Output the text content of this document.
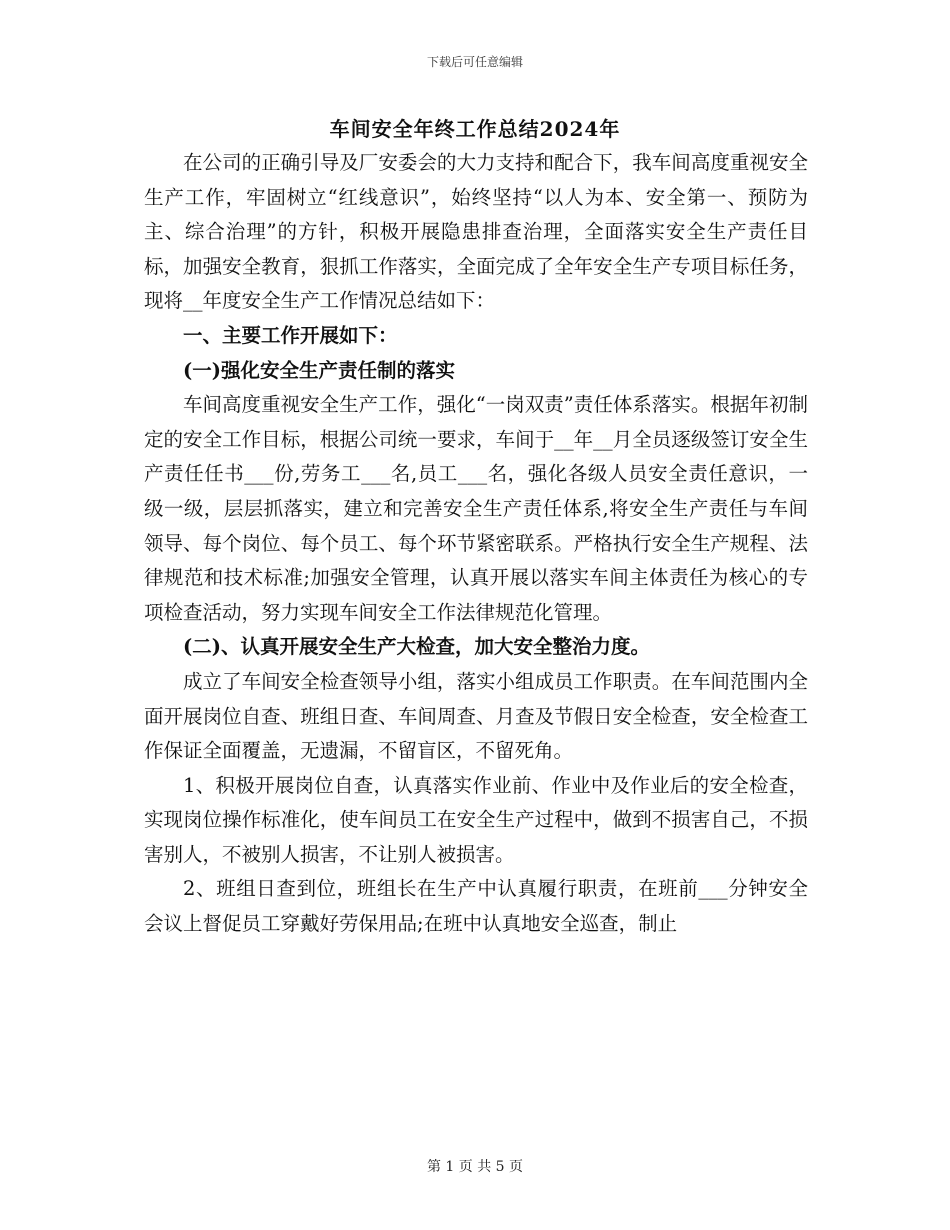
下载后可任意编辑
车间安全年终工作总结2024年

在公司的正确引导及厂安委会的大力支持和配合下，我车间高度重视安全生产工作，牢固树立“红线意识”，始终坚持“以人为本、安全第一、预防为主、综合治理”的方针，积极开展隐患排查治理，全面落实安全生产责任目标，加强安全教育，狠抓工作落实，全面完成了全年安全生产专项目标任务，现将__年度安全生产工作情况总结如下：

一、主要工作开展如下：

(一)强化安全生产责任制的落实

车间高度重视安全生产工作，强化“一岗双责”责任体系落实。根据年初制定的安全工作目标，根据公司统一要求，车间于__年__月全员逐级签订安全生产责任任书___份,劳务工___名,员工___名，强化各级人员安全责任意识，一级一级，层层抓落实，建立和完善安全生产责任体系,将安全生产责任与车间领导、每个岗位、每个员工、每个环节紧密联系。严格执行安全生产规程、法律规范和技术标准;加强安全管理，认真开展以落实车间主体责任为核心的专项检查活动，努力实现车间安全工作法律规范化管理。

(二)、认真开展安全生产大检查，加大安全整治力度。

成立了车间安全检查领导小组，落实小组成员工作职责。在车间范围内全面开展岗位自查、班组日查、车间周查、月查及节假日安全检查，安全检查工作保证全面覆盖，无遗漏，不留盲区，不留死角。

1、积极开展岗位自查，认真落实作业前、作业中及作业后的安全检查，实现岗位操作标准化，使车间员工在安全生产过程中，做到不损害自己，不损害别人，不被别人损害，不让别人被损害。

2、班组日查到位，班组长在生产中认真履行职责，在班前___分钟安全会议上督促员工穿戴好劳保用品;在班中认真地安全巡查，制止

第 1 页 共 5 页
